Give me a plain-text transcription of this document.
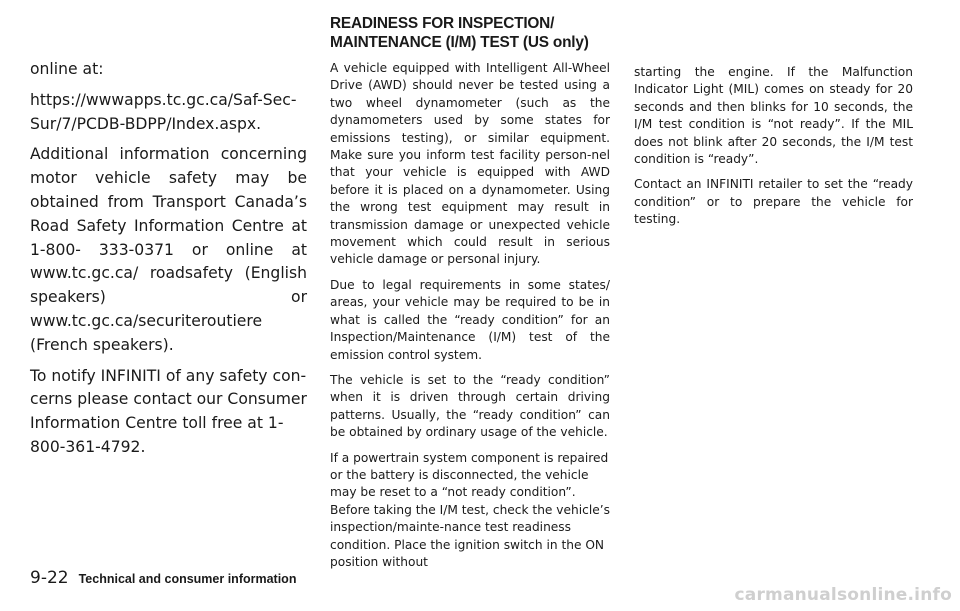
online at:

https://wwwapps.tc.gc.ca/Saf-Sec-Sur/7/PCDB-BDPP/Index.aspx.

Additional information concerning motor vehicle safety may be obtained from Transport Canada’s Road Safety Information Centre at 1-800- 333-0371 or online at www.tc.gc.ca/ roadsafety (English speakers) or www.tc.gc.ca/securiteroutiere (French speakers).

To notify INFINITI of any safety con-cerns please contact our Consumer Information Centre toll free at 1-800-361-4792.

READINESS FOR INSPECTION/
MAINTENANCE (I/M) TEST (US only)

A vehicle equipped with Intelligent All-Wheel Drive (AWD) should never be tested using a two wheel dynamometer (such as the dynamometers used by some states for emissions testing), or similar equipment. Make sure you inform test facility person-nel that your vehicle is equipped with AWD before it is placed on a dynamometer. Using the wrong test equipment may result in transmission damage or unexpected vehicle movement which could result in serious vehicle damage or personal injury.

Due to legal requirements in some states/ areas, your vehicle may be required to be in what is called the “ready condition” for an Inspection/Maintenance (I/M) test of the emission control system.

The vehicle is set to the “ready condition” when it is driven through certain driving patterns. Usually, the “ready condition” can be obtained by ordinary usage of the vehicle.

If a powertrain system component is repaired or the battery is disconnected, the vehicle may be reset to a “not ready condition”. Before taking the I/M test, check the vehicle’s inspection/mainte-nance test readiness condition. Place the ignition switch in the ON position without

starting the engine. If the Malfunction Indicator Light (MIL) comes on steady for 20 seconds and then blinks for 10 seconds, the I/M test condition is “not ready”. If the MIL does not blink after 20 seconds, the I/M test condition is “ready”.

Contact an INFINITI retailer to set the “ready condition” or to prepare the vehicle for testing.

9-22 Technical and consumer information
carmanualsonline.info
